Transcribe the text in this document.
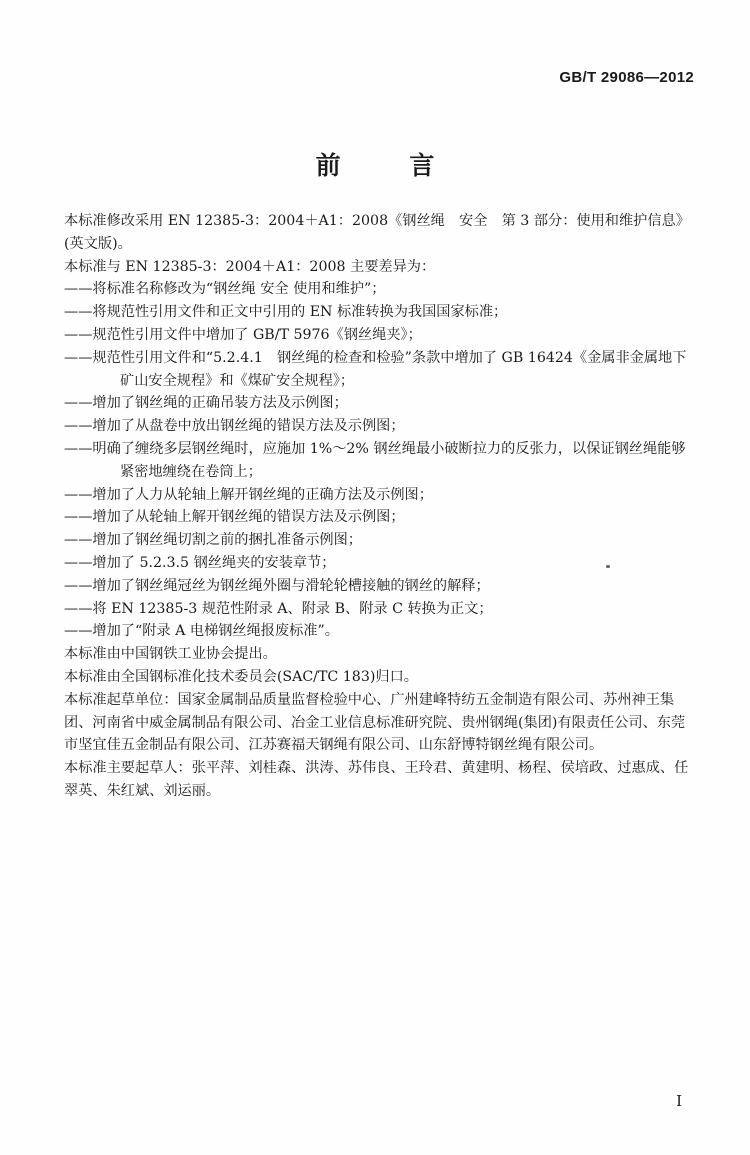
GB/T 29086—2012
前 言

本标准修改采用 EN 12385-3：2004＋A1：2008《钢丝绳　安全　第 3 部分：使用和维护信息》(英文版)。

本标准与 EN 12385-3：2004＋A1：2008 主要差异为：

——将标准名称修改为“钢丝绳 安全 使用和维护”；

——将规范性引用文件和正文中引用的 EN 标准转换为我国国家标准；

——规范性引用文件中增加了 GB/T 5976《钢丝绳夹》；

——规范性引用文件和“5.2.4.1　钢丝绳的检查和检验”条款中增加了 GB 16424《金属非金属地下矿山安全规程》和《煤矿安全规程》；

——增加了钢丝绳的正确吊装方法及示例图；

——增加了从盘卷中放出钢丝绳的错误方法及示例图；

——明确了缠绕多层钢丝绳时，应施加 1%～2% 钢丝绳最小破断拉力的反张力，以保证钢丝绳能够紧密地缠绕在卷筒上；

——增加了人力从轮轴上解开钢丝绳的正确方法及示例图；

——增加了从轮轴上解开钢丝绳的错误方法及示例图；

——增加了钢丝绳切割之前的捆扎准备示例图；

——增加了 5.2.3.5 钢丝绳夹的安装章节；

——增加了钢丝绳冠丝为钢丝绳外圈与滑轮轮槽接触的钢丝的解释；

——将 EN 12385-3 规范性附录 A、附录 B、附录 C 转换为正文；

——增加了“附录 A 电梯钢丝绳报废标准”。

本标准由中国钢铁工业协会提出。

本标准由全国钢标准化技术委员会(SAC/TC 183)归口。

本标准起草单位：国家金属制品质量监督检验中心、广州建峰特纺五金制造有限公司、苏州神王集团、河南省中威金属制品有限公司、冶金工业信息标准研究院、贵州钢绳(集团)有限责任公司、东莞市坚宜佳五金制品有限公司、江苏赛福天钢绳有限公司、山东舒博特钢丝绳有限公司。

本标准主要起草人：张平萍、刘桂森、洪涛、苏伟良、王玲君、黄建明、杨程、侯培政、过惠成、任翠英、朱红斌、刘运丽。

I
